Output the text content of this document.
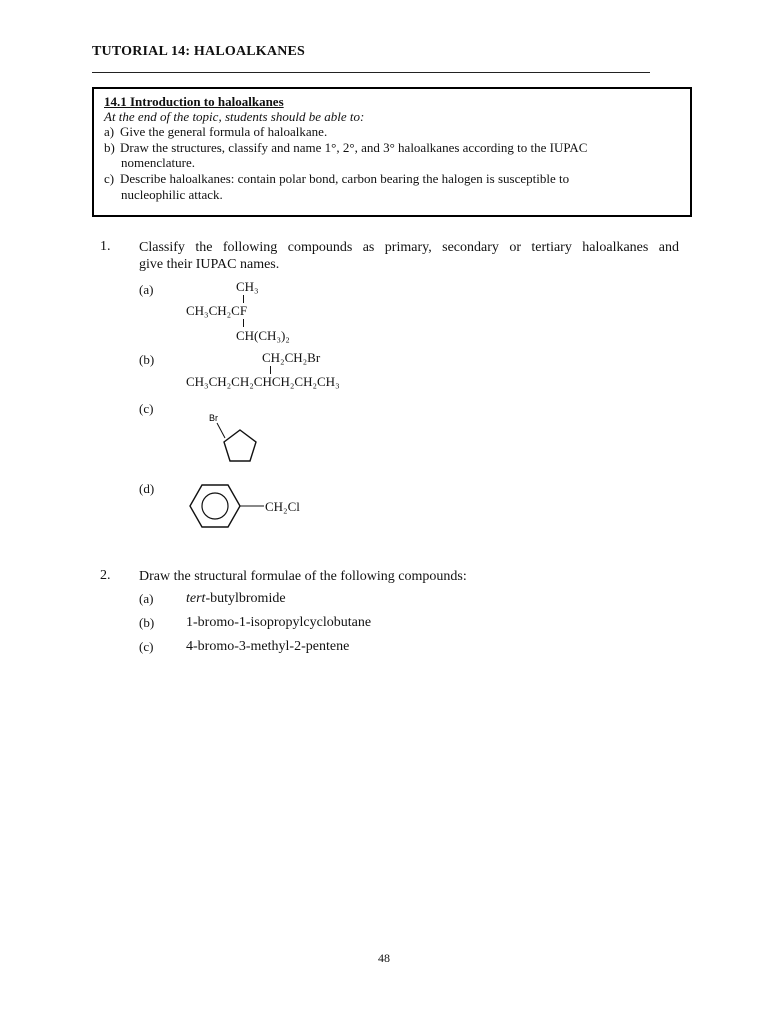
TUTORIAL 14: HALOALKANES
14.1 Introduction to haloalkanes
At the end of the topic, students should be able to:
a) Give the general formula of haloalkane.
b) Draw the structures, classify and name 1°, 2°, and 3° haloalkanes according to the IUPAC
nomenclature.
c) Describe haloalkanes: contain polar bond, carbon bearing the halogen is susceptible to
nucleophilic attack.
1. Classify the following compounds as primary, secondary or tertiary haloalkanes and
give their IUPAC names.
(a)	CH₃
CH₃CH₂CF
CH(CH₃)₂
(b)	CH₂CH₂Br
CH₃CH₂CH₂CHCH₂CH₂CH₃
(c)
Br
(d)
CH₂Cl
2. Draw the structural formulae of the following compounds:
(a) tert-butylbromide
(b) 1-bromo-1-isopropylcyclobutane
(c) 4-bromo-3-methyl-2-pentene
48
